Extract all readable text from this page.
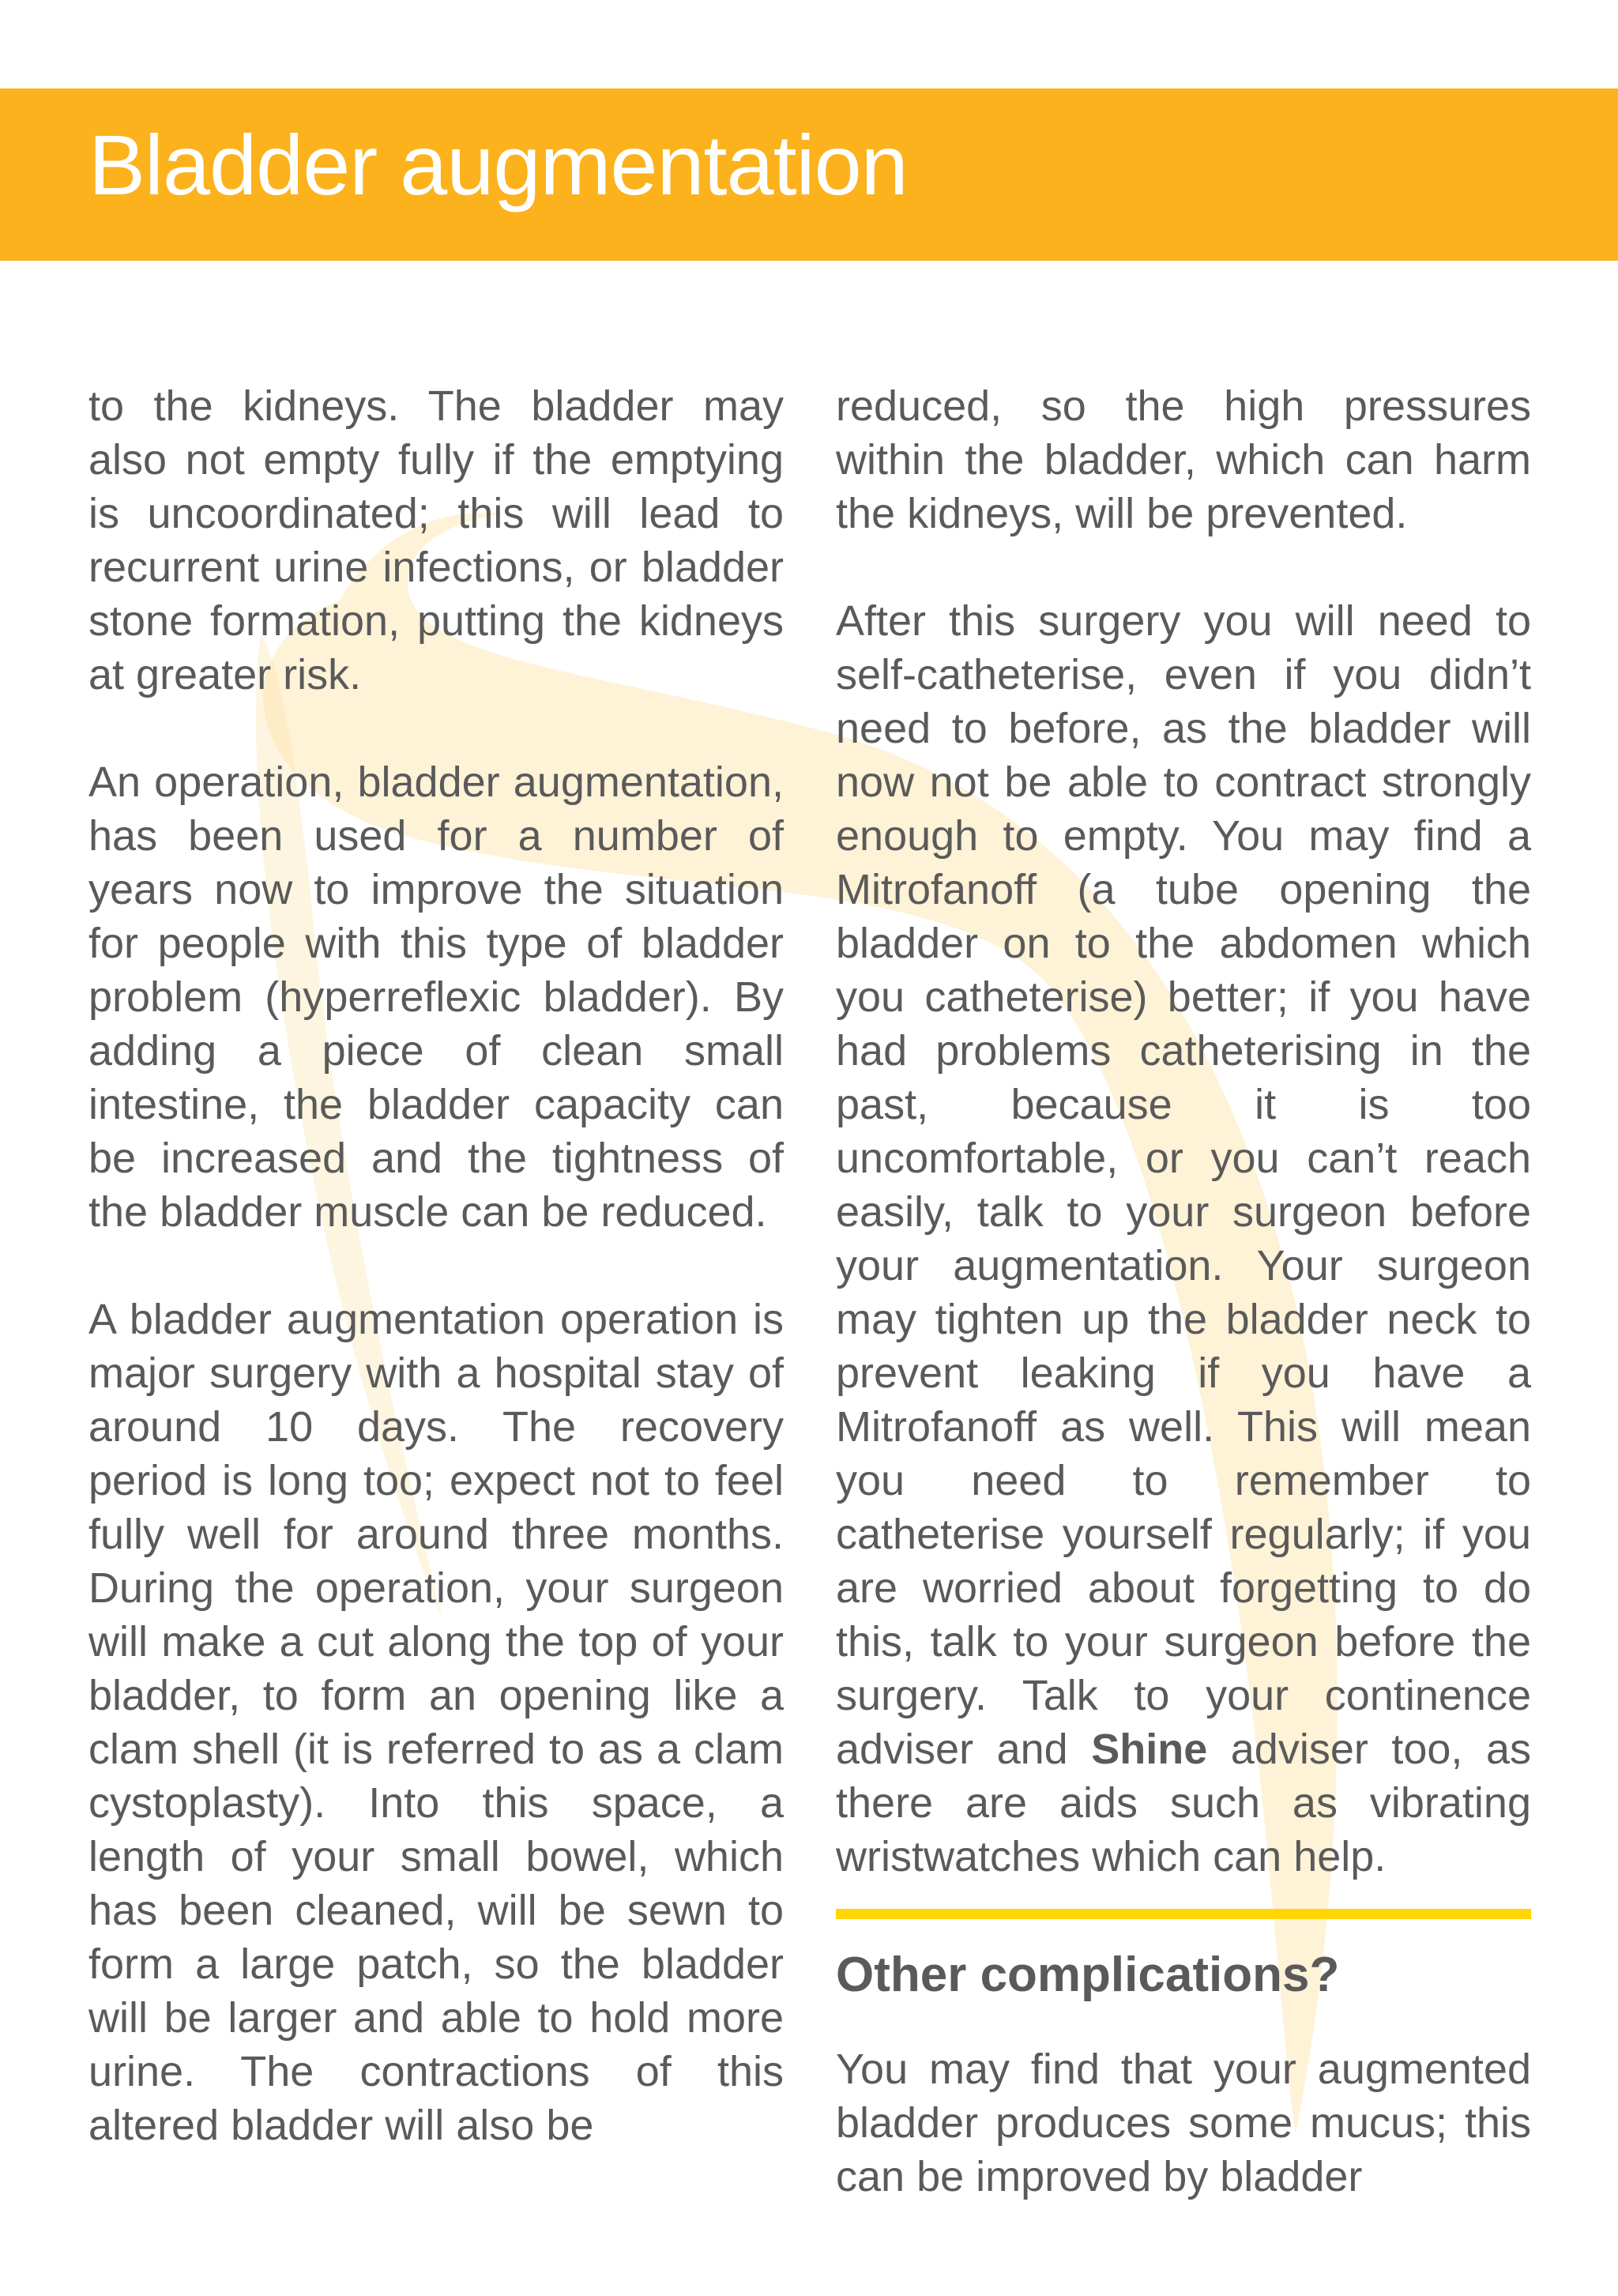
Bladder augmentation

to the kidneys. The bladder may also not empty fully if the emptying is uncoordinated; this will lead to recurrent urine infections, or bladder stone formation, putting the kidneys at greater risk.

An operation, bladder augmentation, has been used for a number of years now to improve the situation for people with this type of bladder problem (hyperreflexic bladder). By adding a piece of clean small intestine, the bladder capacity can be increased and the tightness of the bladder muscle can be reduced.

A bladder augmentation operation is major surgery with a hospital stay of around 10 days. The recovery period is long too; expect not to feel fully well for around three months. During the operation, your surgeon will make a cut along the top of your bladder, to form an opening like a clam shell (it is referred to as a clam cystoplasty). Into this space, a length of your small bowel, which has been cleaned, will be sewn to form a large patch, so the bladder will be larger and able to hold more urine. The contractions of this altered bladder will also be

reduced, so the high pressures within the bladder, which can harm the kidneys, will be prevented.

After this surgery you will need to self-catheterise, even if you didn’t need to before, as the bladder will now not be able to contract strongly enough to empty. You may find a Mitrofanoff (a tube opening the bladder on to the abdomen which you catheterise) better; if you have had problems catheterising in the past, because it is too uncomfortable, or you can’t reach easily, talk to your surgeon before your augmentation. Your surgeon may tighten up the bladder neck to prevent leaking if you have a Mitrofanoff as well. This will mean you need to remember to catheterise yourself regularly; if you are worried about forgetting to do this, talk to your surgeon before the surgery. Talk to your continence adviser and Shine adviser too, as there are aids such as vibrating wristwatches which can help.

Other complications?

You may find that your augmented bladder produces some mucus; this can be improved by bladder
